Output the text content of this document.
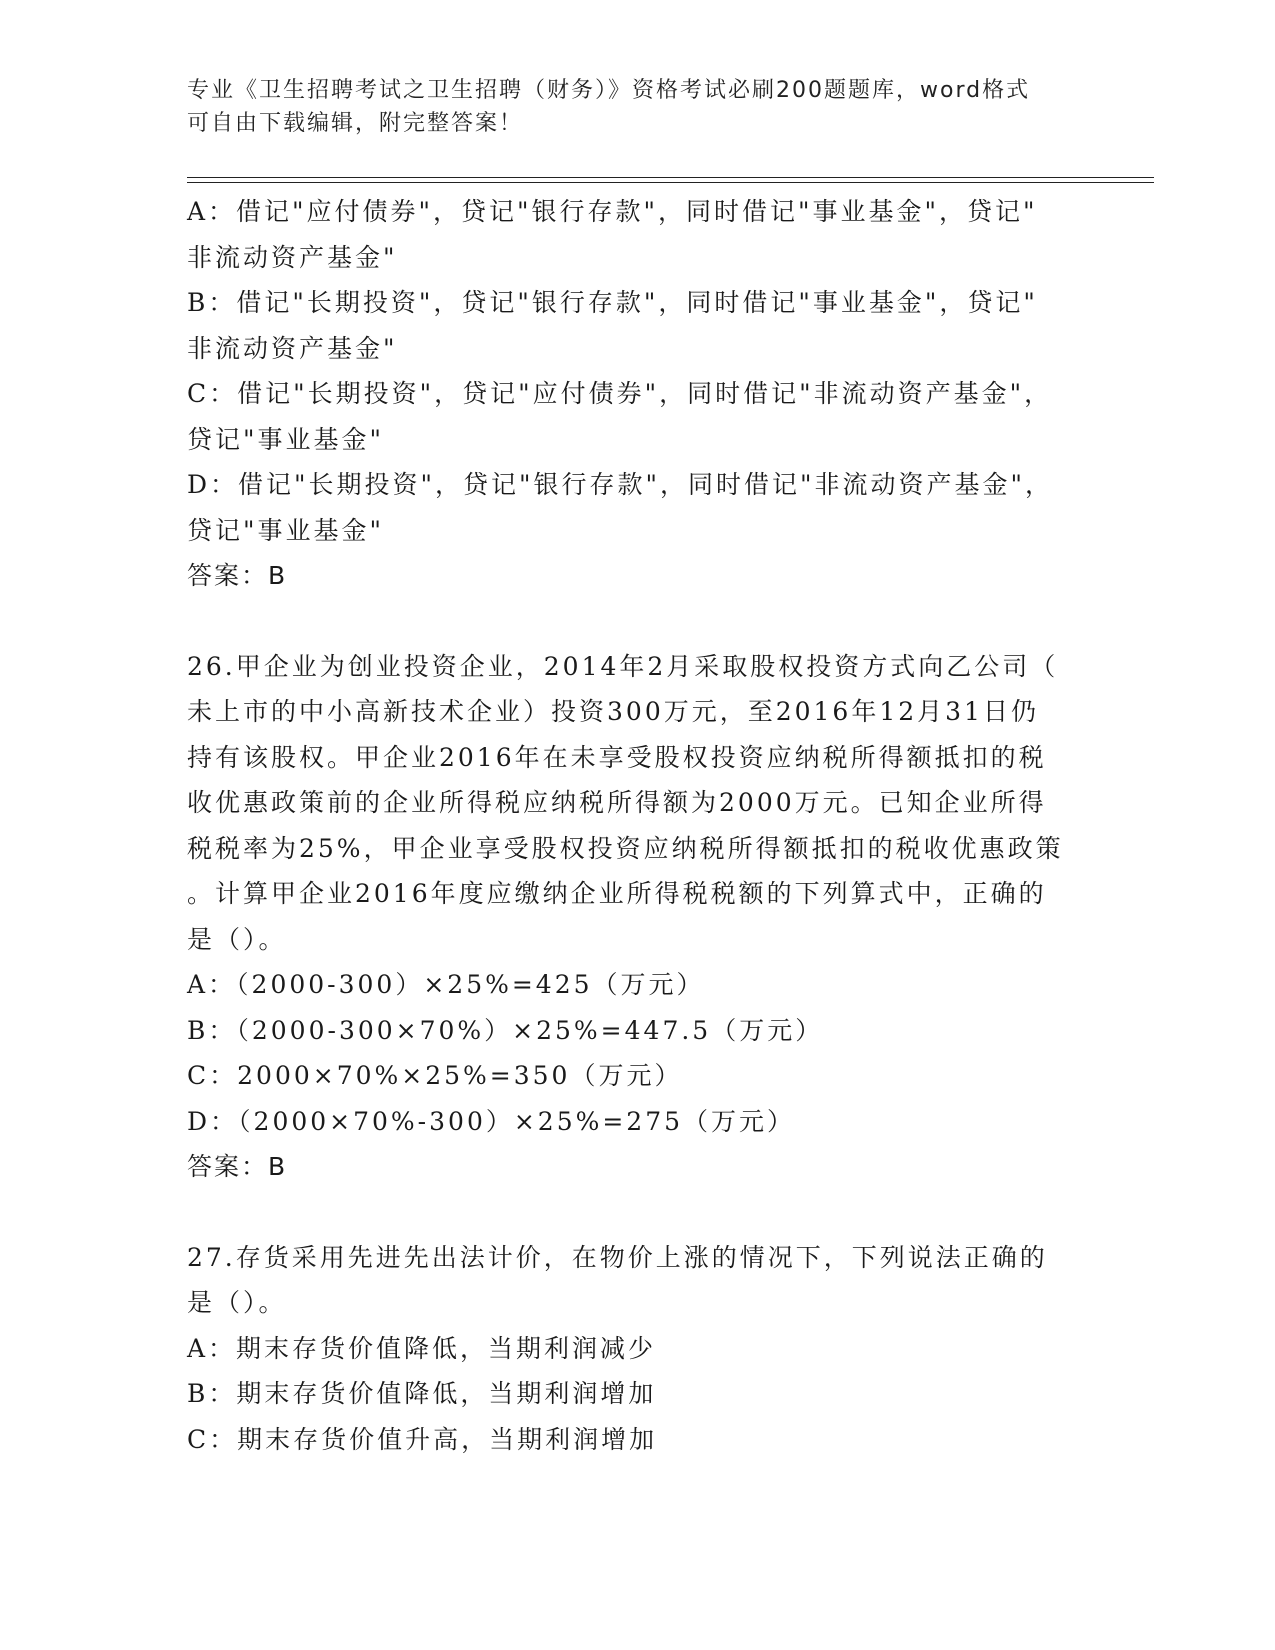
专业《卫生招聘考试之卫生招聘（财务）》资格考试必刷200题题库，word格式
可自由下载编辑，附完整答案！

A：借记"应付债券"，贷记"银行存款"，同时借记"事业基金"，贷记"

非流动资产基金"

B：借记"长期投资"，贷记"银行存款"，同时借记"事业基金"，贷记"

非流动资产基金"

C：借记"长期投资"，贷记"应付债券"，同时借记"非流动资产基金"，

贷记"事业基金"

D：借记"长期投资"，贷记"银行存款"，同时借记"非流动资产基金"，

贷记"事业基金"

答案：B

26.甲企业为创业投资企业，2014年2月采取股权投资方式向乙公司（

未上市的中小高新技术企业）投资300万元，至2016年12月31日仍

持有该股权。甲企业2016年在未享受股权投资应纳税所得额抵扣的税

收优惠政策前的企业所得税应纳税所得额为2000万元。已知企业所得

税税率为25%，甲企业享受股权投资应纳税所得额抵扣的税收优惠政策

。计算甲企业2016年度应缴纳企业所得税税额的下列算式中，正确的

是（）。

A：（2000-300）×25%=425（万元）

B：（2000-300×70%）×25%=447.5（万元）

C：2000×70%×25%=350（万元）

D：（2000×70%-300）×25%=275（万元）

答案：B

27.存货采用先进先出法计价，在物价上涨的情况下，下列说法正确的

是（）。

A：期末存货价值降低，当期利润减少

B：期末存货价值降低，当期利润增加

C：期末存货价值升高，当期利润增加
